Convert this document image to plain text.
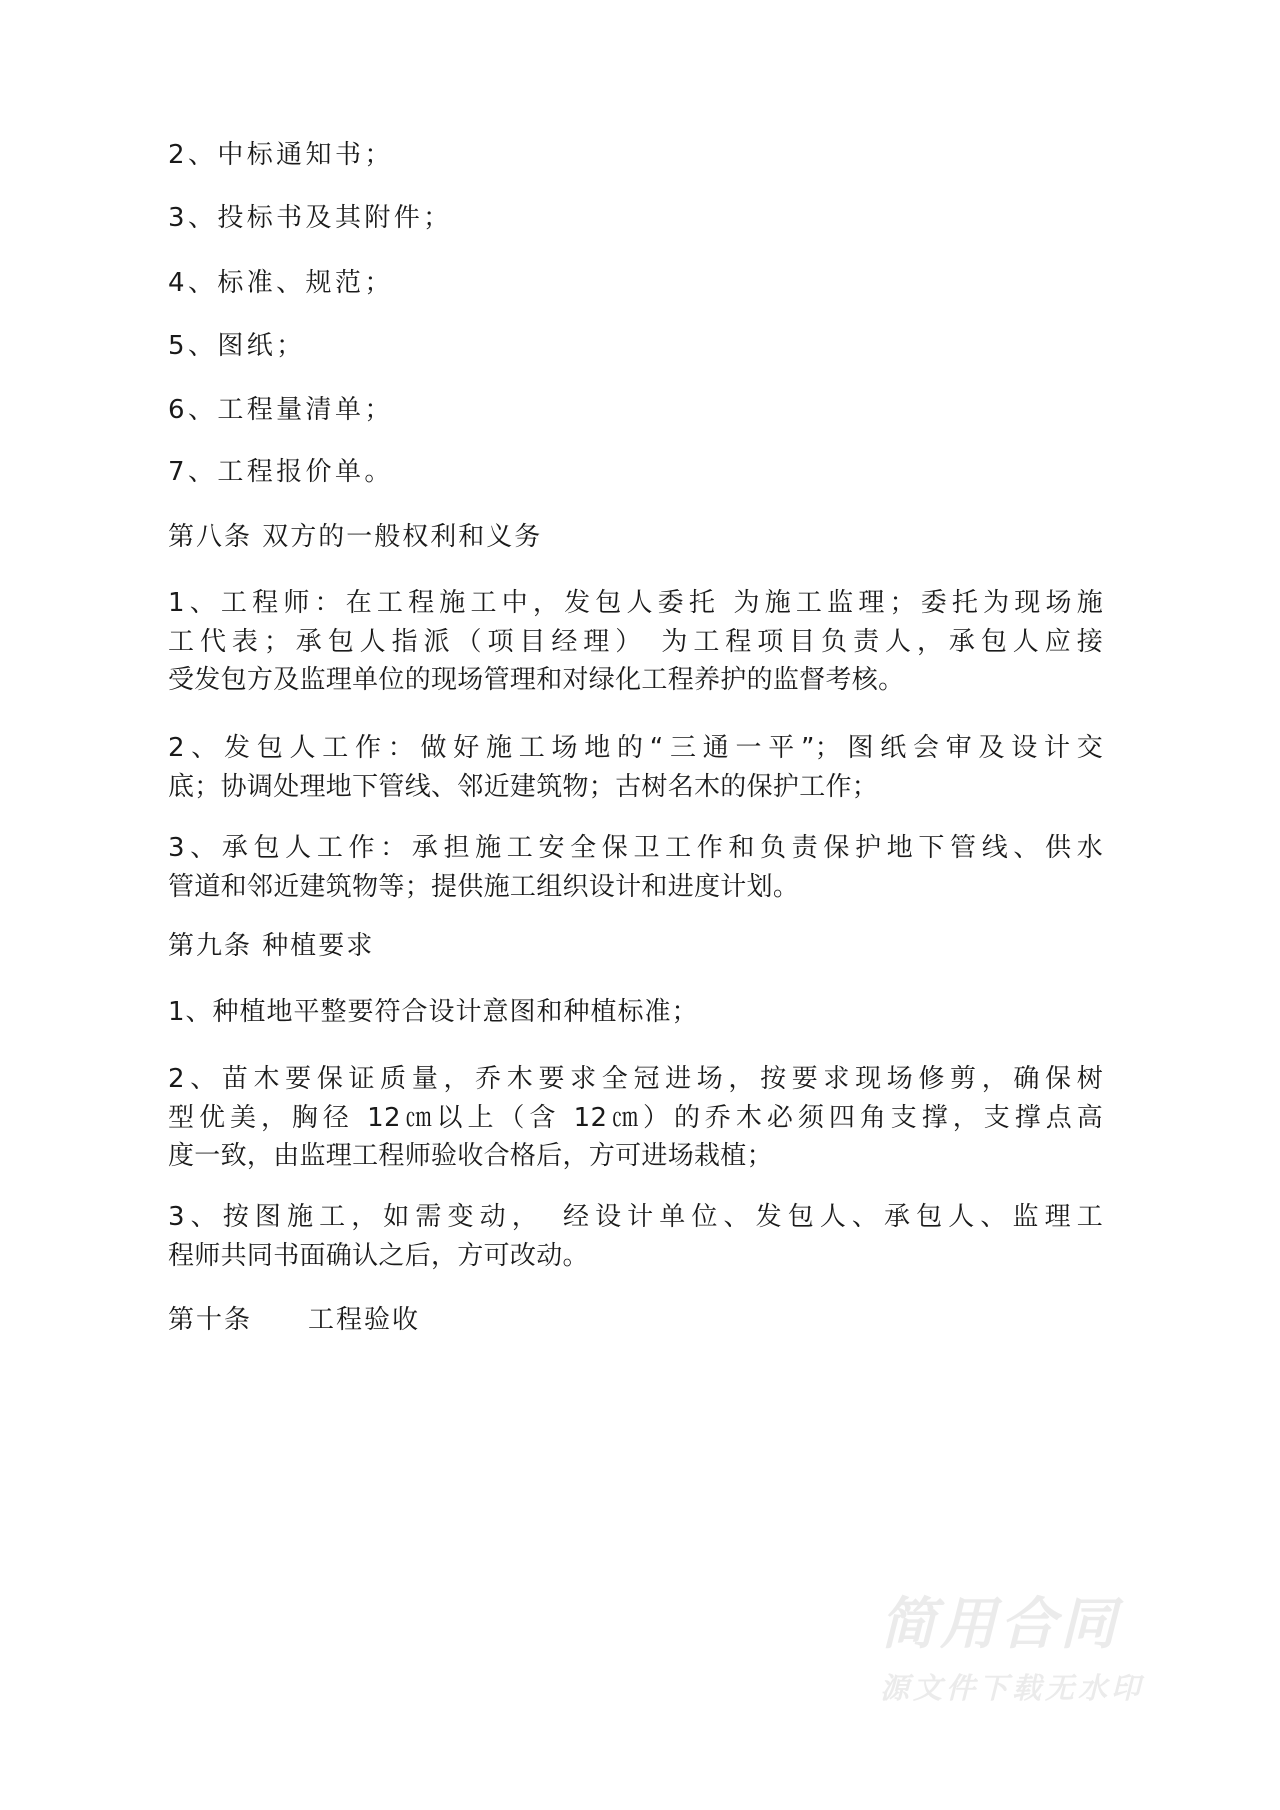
2、中标通知书；
3、投标书及其附件；
4、标准、规范；
5、图纸；
6、工程量清单；
7、工程报价单。
第八条 双方的一般权利和义务
1、工程师：在工程施工中，发包人委托 为施工监理；委托为现场施
工代表；承包人指派（项目经理） 为工程项目负责人，承包人应接
受发包方及监理单位的现场管理和对绿化工程养护的监督考核。
2、发包人工作：做好施工场地的“三通一平”；图纸会审及设计交
底；协调处理地下管线、邻近建筑物；古树名木的保护工作；
3、承包人工作：承担施工安全保卫工作和负责保护地下管线、供水
管道和邻近建筑物等；提供施工组织设计和进度计划。
第九条 种植要求
1、种植地平整要符合设计意图和种植标准；
2、苗木要保证质量，乔木要求全冠进场，按要求现场修剪，确保树
型优美，胸径 12㎝以上（含 12㎝）的乔木必须四角支撑，支撑点高
度一致，由监理工程师验收合格后，方可进场栽植；
3、按图施工，如需变动，　经设计单位、发包人、承包人、监理工
程师共同书面确认之后，方可改动。
第十条　　工程验收
简用合同
源文件下载无水印
